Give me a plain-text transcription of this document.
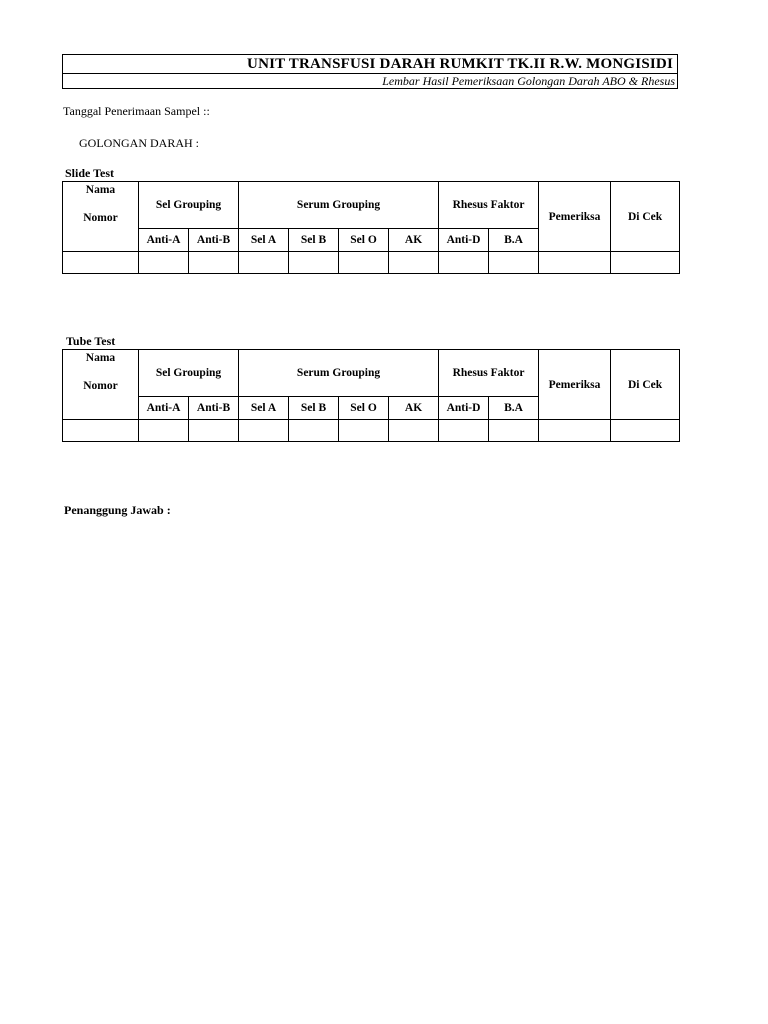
UNIT TRANSFUSI DARAH RUMKIT TK.II R.W. MONGISIDI
Lembar Hasil Pemeriksaan Golongan Darah ABO & Rhesus
Tanggal Penerimaan Sampel ::
GOLONGAN DARAH :
Slide Test
Nama
Nomor	Sel Grouping		Serum Grouping				Rhesus Faktor		Pemeriksa	Di Cek
	Anti-A	Anti-B	Sel A	Sel B	Sel O	AK	Anti-D	B.A		

Tube Test
Nama
Nomor	Sel Grouping		Serum Grouping				Rhesus Faktor		Pemeriksa	Di Cek
	Anti-A	Anti-B	Sel A	Sel B	Sel O	AK	Anti-D	B.A		

Penanggung Jawab :
